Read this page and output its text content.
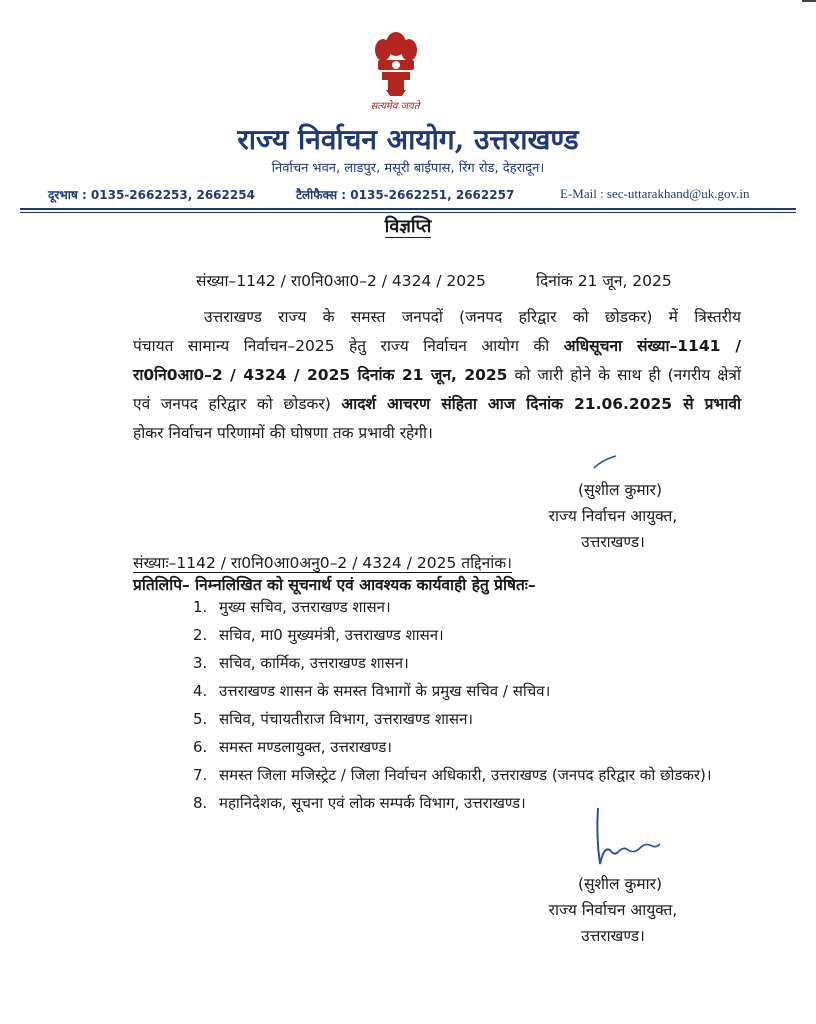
सत्यमेव जयते
राज्य निर्वाचन आयोग, उत्तराखण्ड
निर्वाचन भवन, लाडपुर, मसूरी बाईपास, रिंग रोड, देहरादून।
दूरभाष : 0135-2662253, 2662254	टैलीफैक्स : 0135-2662251, 2662257	E-Mail : sec-uttarakhand@uk.gov.in
विज्ञप्ति
संख्या–1142 / रा0नि0आ0–2 / 4324 / 2025	दिनांक 21 जून, 2025
उत्तराखण्ड राज्य के समस्त जनपदों (जनपद हरिद्वार को छोडकर) में त्रिस्तरीय
पंचायत सामान्य निर्वाचन–2025 हेतु राज्य निर्वाचन आयोग की अधिसूचना संख्या–1141 /
रा0नि0आ0–2 / 4324 / 2025 दिनांक 21 जून, 2025 को जारी होने के साथ ही (नगरीय क्षेत्रों
एवं जनपद हरिद्वार को छोडकर) आदर्श आचरण संहिता आज दिनांक 21.06.2025 से प्रभावी
होकर निर्वाचन परिणामों की घोषणा तक प्रभावी रहेगी।
(सुशील कुमार)
राज्य निर्वाचन आयुक्त,
उत्तराखण्ड।
संख्याः–1142 / रा0नि0आ0अनु0–2 / 4324 / 2025 तद्दिनांक।
प्रतिलिपि– निम्नलिखित को सूचनार्थ एवं आवश्यक कार्यवाही हेतु प्रेषितः–
1. मुख्य सचिव, उत्तराखण्ड शासन।
2. सचिव, मा0 मुख्यमंत्री, उत्तराखण्ड शासन।
3. सचिव, कार्मिक, उत्तराखण्ड शासन।
4. उत्तराखण्ड शासन के समस्त विभागों के प्रमुख सचिव / सचिव।
5. सचिव, पंचायतीराज विभाग, उत्तराखण्ड शासन।
6. समस्त मण्डलायुक्त, उत्तराखण्ड।
7. समस्त जिला मजिस्ट्रेट / जिला निर्वाचन अधिकारी, उत्तराखण्ड (जनपद हरिद्वार को छोडकर)।
8. महानिदेशक, सूचना एवं लोक सम्पर्क विभाग, उत्तराखण्ड।
(सुशील कुमार)
राज्य निर्वाचन आयुक्त,
उत्तराखण्ड।
